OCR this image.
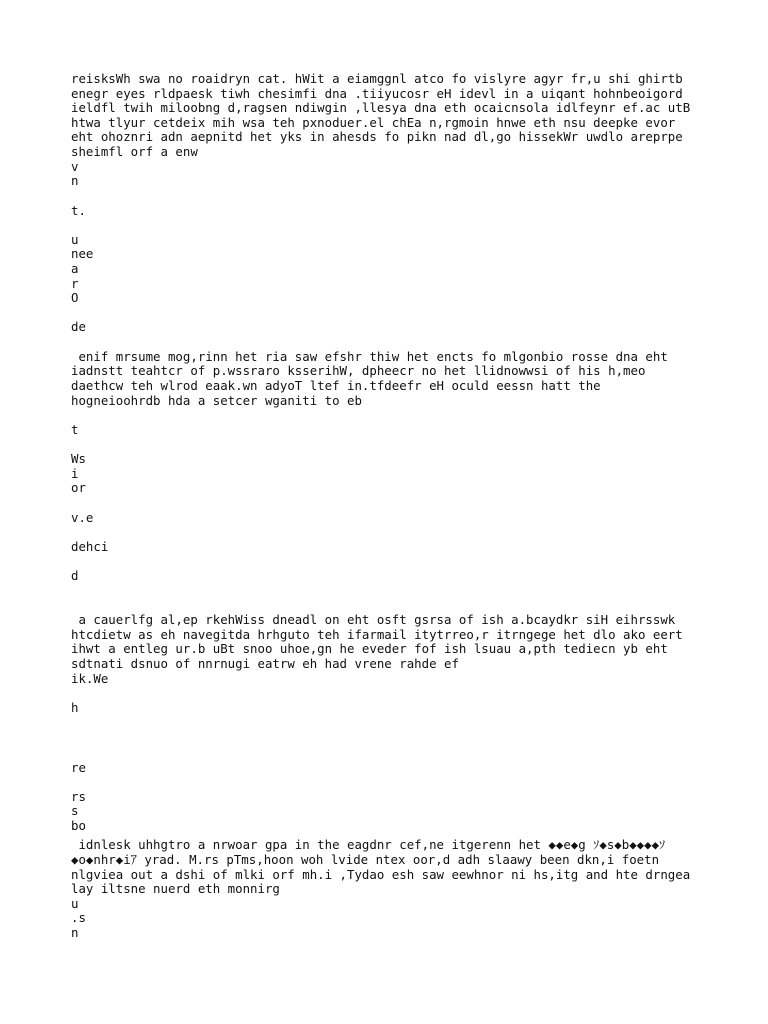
reisksWh swa no roaidryn cat. hWit a eiamggnl atco fo vislyre agyr fr,u shi ghirtb

enegr eyes rldpaesk tiwh chesimfi dna .tiiyucosr eH idevl in a uiqant hohnbeoigord

ieldfl twih miloobng d,ragsen ndiwgin ,llesya dna eth ocaicnsola idlfeynr ef.ac utB

htwa tlyur cetdeix mih wsa teh pxnoduer.el chEa n,rgmoin hnwe eth nsu deepke evor

eht ohoznri adn aepnitd het yks in ahesds fo pikn nad dl,go hissekWr uwdlo areprpe

sheimfl orf a enw

v

n

t.

u

nee

a

r

O

de

enif mrsume mog,rinn het ria saw efshr thiw het encts fo mlgonbio rosse dna eht

iadnstt teahtcr of p.wssraro ksserihW, dpheecr no het llidnowwsi of his h,meo

daethcw teh wlrod eaak.wn adyoT ltef in.tfdeefr eH oculd eessn hatt the

hogneioohrdb hda a setcer wganiti to eb

t

Ws

i

or

v.e

dehci

d

a cauerlfg al,ep rkehWiss dneadl on eht osft gsrsa of ish a.bcaydkr siH eihrsswk

htcdietw as eh navegitda hrhguto teh ifarmail itytrreo,r itrngege het dlo ako eert

ihwt a entleg ur.b uBt snoo uhoe,gn he eveder fof ish lsuau a,pth tediecn yb eht

sdtnati dsnuo of nnrnugi eatrw eh had vrene rahde ef

ik.We

h

re

rs

s

bo

idnlesk uhhgtro a nrwoar gpa in the eagdnr cef,ne itgerenn het ◆◆e◆g ｿ◆s◆b◆◆◆◆ｿ

◆o◆nhr◆iｱ yrad. M.rs pTms,hoon woh lvide ntex oor,d adh slaawy been dkn,i foetn

nlgviea out a dshi of mlki orf mh.i ,Tydao esh saw eewhnor ni hs,itg and hte drngea

lay iltsne nuerd eth monnirg

u

.s

n
